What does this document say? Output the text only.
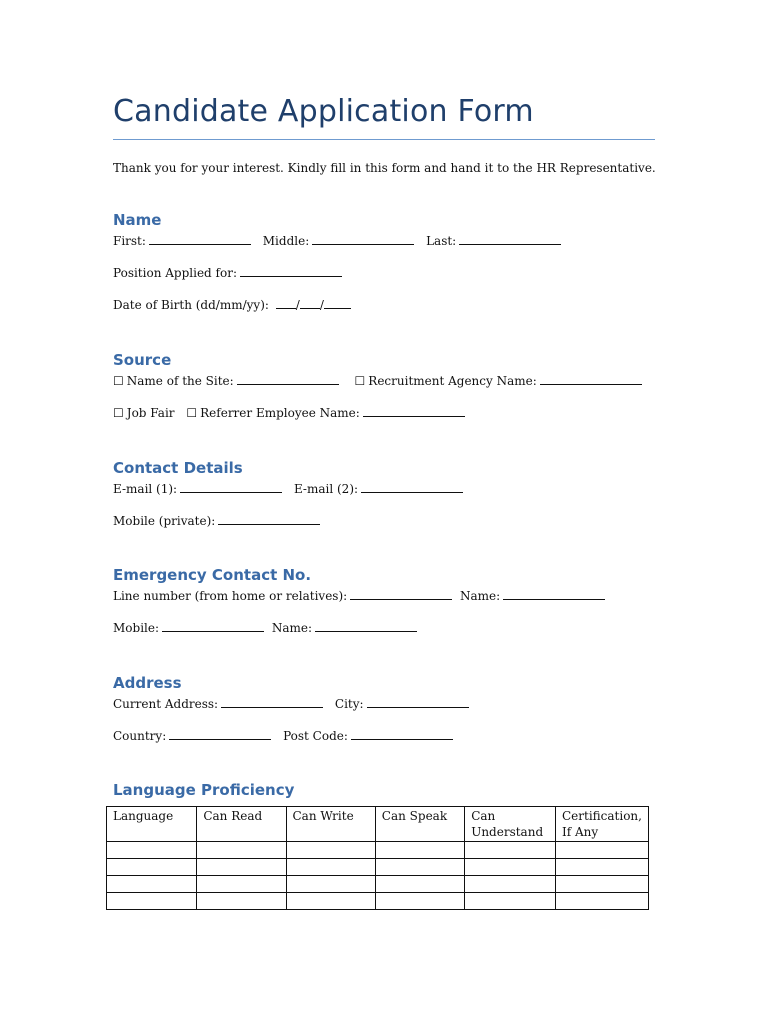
Candidate Application Form
Thank you for your interest. Kindly fill in this form and hand it to the HR Representative.
Name
First:	Middle:	Last:
Position Applied for:
Date of Birth (dd/mm/yy): / /
Source
☐ Name of the Site:	☐ Recruitment Agency Name:
☐ Job Fair ☐ Referrer Employee Name:
Contact Details
E-mail (1):	E-mail (2):
Mobile (private):
Emergency Contact No.
Line number (from home or relatives):	Name:
Mobile:	Name:
Address
Current Address:	City:
Country:	Post Code:
Language Proficiency
Language	Can Read	Can Write	Can Speak	Can Understand	Certification, If Any
